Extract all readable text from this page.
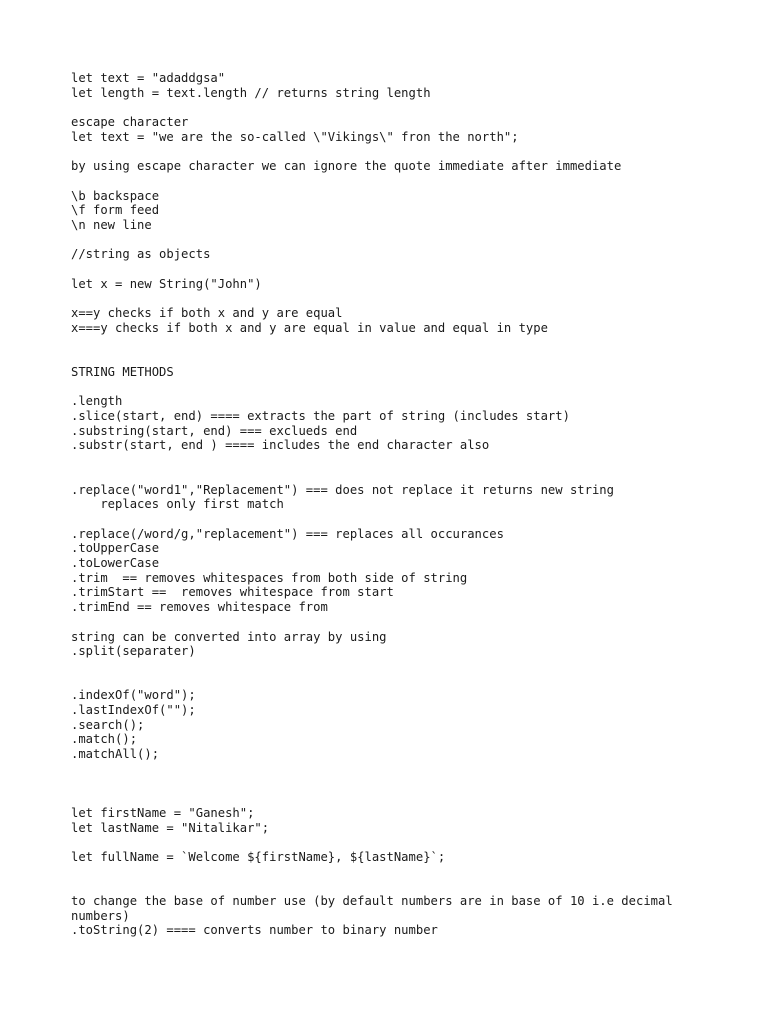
let text = "adaddgsa"

let length = text.length // returns string length

escape character

let text = "we are the so-called \"Vikings\" fron the north";

by using escape character we can ignore the quote immediate after immediate

\b backspace

\f form feed

\n new line

//string as objects

let x = new String("John")

x==y checks if both x and y are equal

x===y checks if both x and y are equal in value and equal in type

STRING METHODS

.length

.slice(start, end) ==== extracts the part of string (includes start)

.substring(start, end) === exclueds end

.substr(start, end ) ==== includes the end character also

.replace("word1","Replacement") === does not replace it returns new string

replaces only first match

.replace(/word/g,"replacement") === replaces all occurances

.toUpperCase

.toLowerCase

.trim  == removes whitespaces from both side of string

.trimStart ==  removes whitespace from start

.trimEnd == removes whitespace from

string can be converted into array by using

.split(separater)

.indexOf("word");

.lastIndexOf("");

.search();

.match();

.matchAll();

let firstName = "Ganesh";

let lastName = "Nitalikar";

let fullName = `Welcome ${firstName}, ${lastName}`;

to change the base of number use (by default numbers are in base of 10 i.e decimal

numbers)

.toString(2) ==== converts number to binary number
